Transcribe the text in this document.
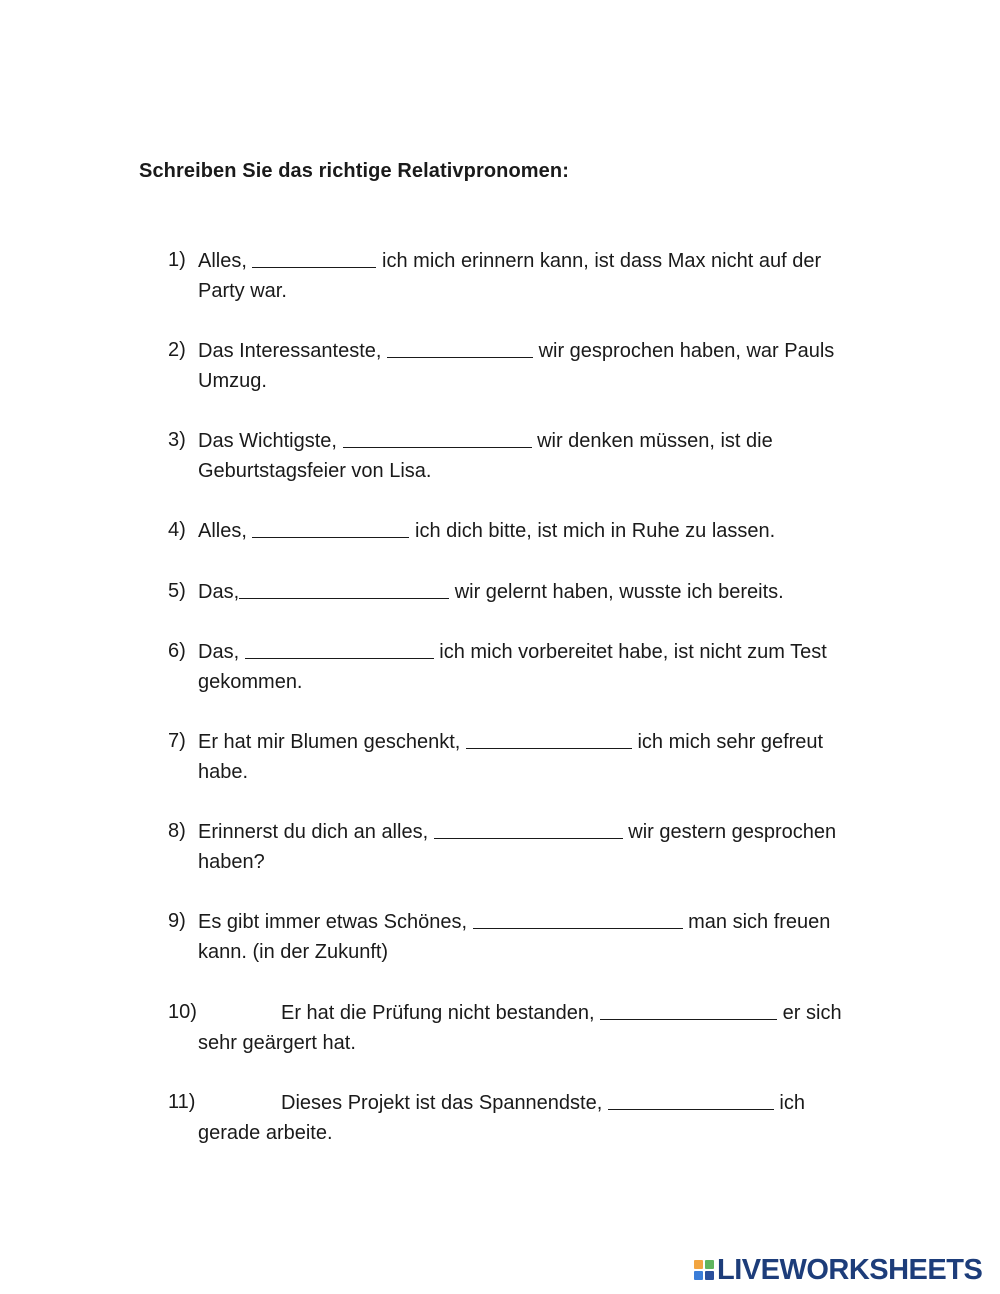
Schreiben Sie das richtige Relativpronomen:
1) Alles,	ich mich erinnern kann, ist dass Max nicht auf der Party war.
2) Das Interessanteste,	wir gesprochen haben, war Pauls Umzug.
3) Das Wichtigste,	wir denken müssen, ist die Geburtstagsfeier von Lisa.
4) Alles,	ich dich bitte, ist mich in Ruhe zu lassen.
5) Das,	wir gelernt haben, wusste ich bereits.
6) Das,	ich mich vorbereitet habe, ist nicht zum Test gekommen.
7) Er hat mir Blumen geschenkt,	ich mich sehr gefreut habe.
8) Erinnerst du dich an alles,	wir gestern gesprochen haben?
9) Es gibt immer etwas Schönes,	man sich freuen kann. (in der Zukunft)
10)	Er hat die Prüfung nicht bestanden,	er sich sehr geärgert hat.
11)	Dieses Projekt ist das Spannendste,	ich gerade arbeite.
LIVEWORKSHEETS
